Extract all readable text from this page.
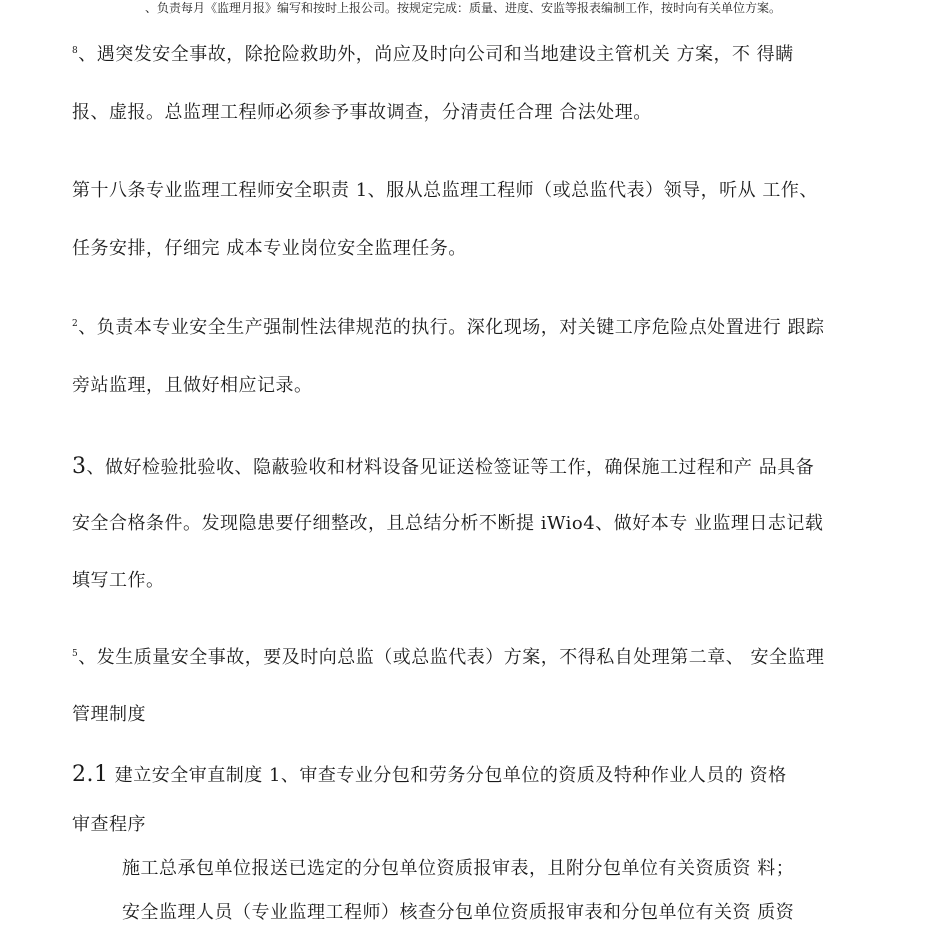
、负责每月《监理月报》编写和按时上报公司。按规定完成：质量、进度、安监等报表编制工作，按时向有关单位方案。
$^8$、遇突发安全事故，除抢险救助外，尚应及时向公司和当地建设主管机关 方案，不 得瞒
报、虚报。总监理工程师必须参予事故调查，分清责任合理 合法处理。
第十八条专业监理工程师安全职责 1、服从总监理工程师（或总监代表）领导，听从 工作、
任务安排，仔细完 成本专业岗位安全监理任务。
$^2$、负责本专业安全生产强制性法律规范的执行。深化现场，对关键工序危险点处置进行 跟踪
旁站监理，且做好相应记录。
3、做好检验批验收、隐蔽验收和材料设备见证送检签证等工作，确保施工过程和产 品具备
安全合格条件。发现隐患要仔细整改，且总结分析不断提 iWio4、做好本专 业监理日志记载
填写工作。
$^5$、发生质量安全事故，要及时向总监（或总监代表）方案，不得私自处理第二章、 安全监理
管理制度
2.1 建立安全审直制度 1、审查专业分包和劳务分包单位的资质及特种作业人员的 资格
审查程序
施工总承包单位报送已选定的分包单位资质报审表，且附分包单位有关资质资 料；
安全监理人员（专业监理工程师）核查分包单位资质报审表和分包单位有关资 质资
